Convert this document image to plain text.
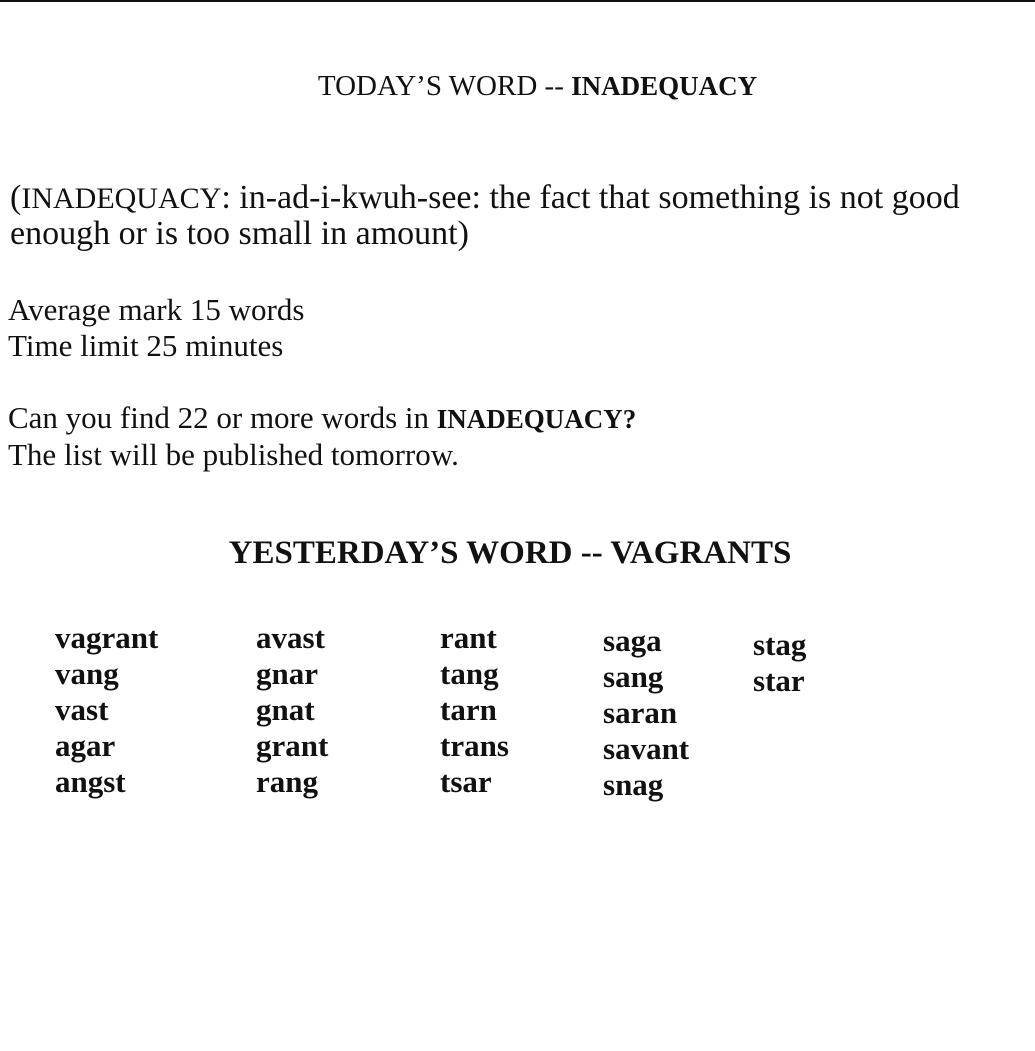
TODAY’S WORD -- INADEQUACY
(INADEQUACY: in-ad-i-kwuh-see: the fact that something is not good enough or is too small in amount)
Average mark 15 words
Time limit 25 minutes
Can you find 22 or more words in INADEQUACY?
The list will be published tomorrow.
YESTERDAY’S WORD -- VAGRANTS
vagrant
vang
vast
agar
angst
avast
gnar
gnat
grant
rang
rant
tang
tarn
trans
tsar
saga
sang
saran
savant
snag
stag
star
